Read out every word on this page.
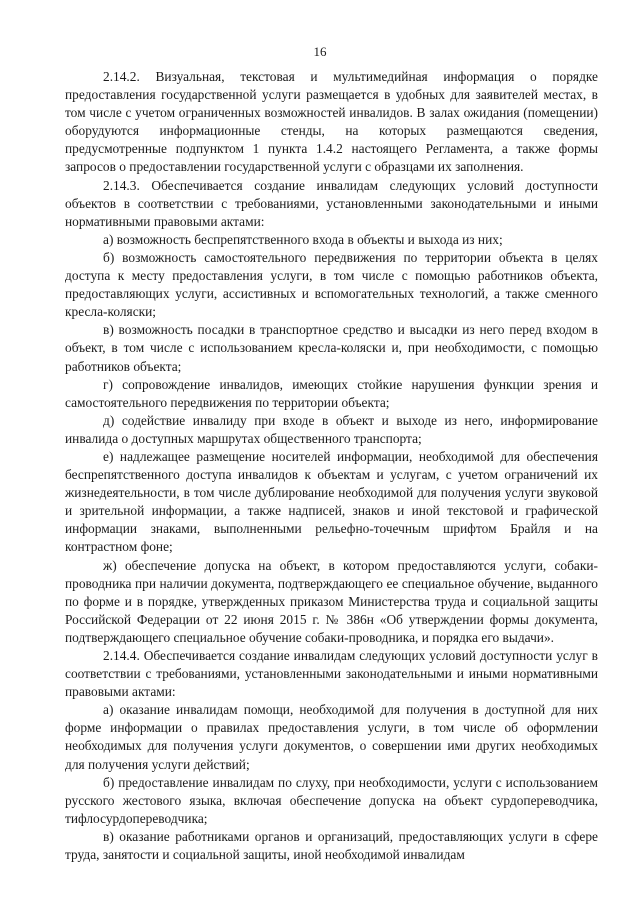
16

2.14.2. Визуальная, текстовая и мультимедийная информация о порядке предоставления государственной услуги размещается в удобных для заявителей местах, в том числе с учетом ограниченных возможностей инвалидов. В залах ожидания (помещении) оборудуются информационные стенды, на которых размещаются сведения, предусмотренные подпунктом 1 пункта 1.4.2 настоящего Регламента, а также формы запросов о предоставлении государственной услуги с образцами их заполнения.

2.14.3. Обеспечивается создание инвалидам следующих условий доступности объектов в соответствии с требованиями, установленными законодательными и иными нормативными правовыми актами:

а) возможность беспрепятственного входа в объекты и выхода из них;

б) возможность самостоятельного передвижения по территории объекта в целях доступа к месту предоставления услуги, в том числе с помощью работников объекта, предоставляющих услуги, ассистивных и вспомогательных технологий, а также сменного кресла-коляски;

в) возможность посадки в транспортное средство и высадки из него перед входом в объект, в том числе с использованием кресла-коляски и, при необходимости, с помощью работников объекта;

г) сопровождение инвалидов, имеющих стойкие нарушения функции зрения и самостоятельного передвижения по территории объекта;

д) содействие инвалиду при входе в объект и выходе из него, информирование инвалида о доступных маршрутах общественного транспорта;

е) надлежащее размещение носителей информации, необходимой для обеспечения беспрепятственного доступа инвалидов к объектам и услугам, с учетом ограничений их жизнедеятельности, в том числе дублирование необходимой для получения услуги звуковой и зрительной информации, а также надписей, знаков и иной текстовой и графической информации знаками, выполненными рельефно-точечным шрифтом Брайля и на контрастном фоне;

ж) обеспечение допуска на объект, в котором предоставляются услуги, собаки-проводника при наличии документа, подтверждающего ее специальное обучение, выданного по форме и в порядке, утвержденных приказом Министерства труда и социальной защиты Российской Федерации от 22 июня 2015 г. № 386н «Об утверждении формы документа, подтверждающего специальное обучение собаки-проводника, и порядка его выдачи».

2.14.4. Обеспечивается создание инвалидам следующих условий доступности услуг в соответствии с требованиями, установленными законодательными и иными нормативными правовыми актами:

а) оказание инвалидам помощи, необходимой для получения в доступной для них форме информации о правилах предоставления услуги, в том числе об оформлении необходимых для получения услуги документов, о совершении ими других необходимых для получения услуги действий;

б) предоставление инвалидам по слуху, при необходимости, услуги с использованием русского жестового языка, включая обеспечение допуска на объект сурдопереводчика, тифлосурдопереводчика;

в) оказание работниками органов и организаций, предоставляющих услуги в сфере труда, занятости и социальной защиты, иной необходимой инвалидам
